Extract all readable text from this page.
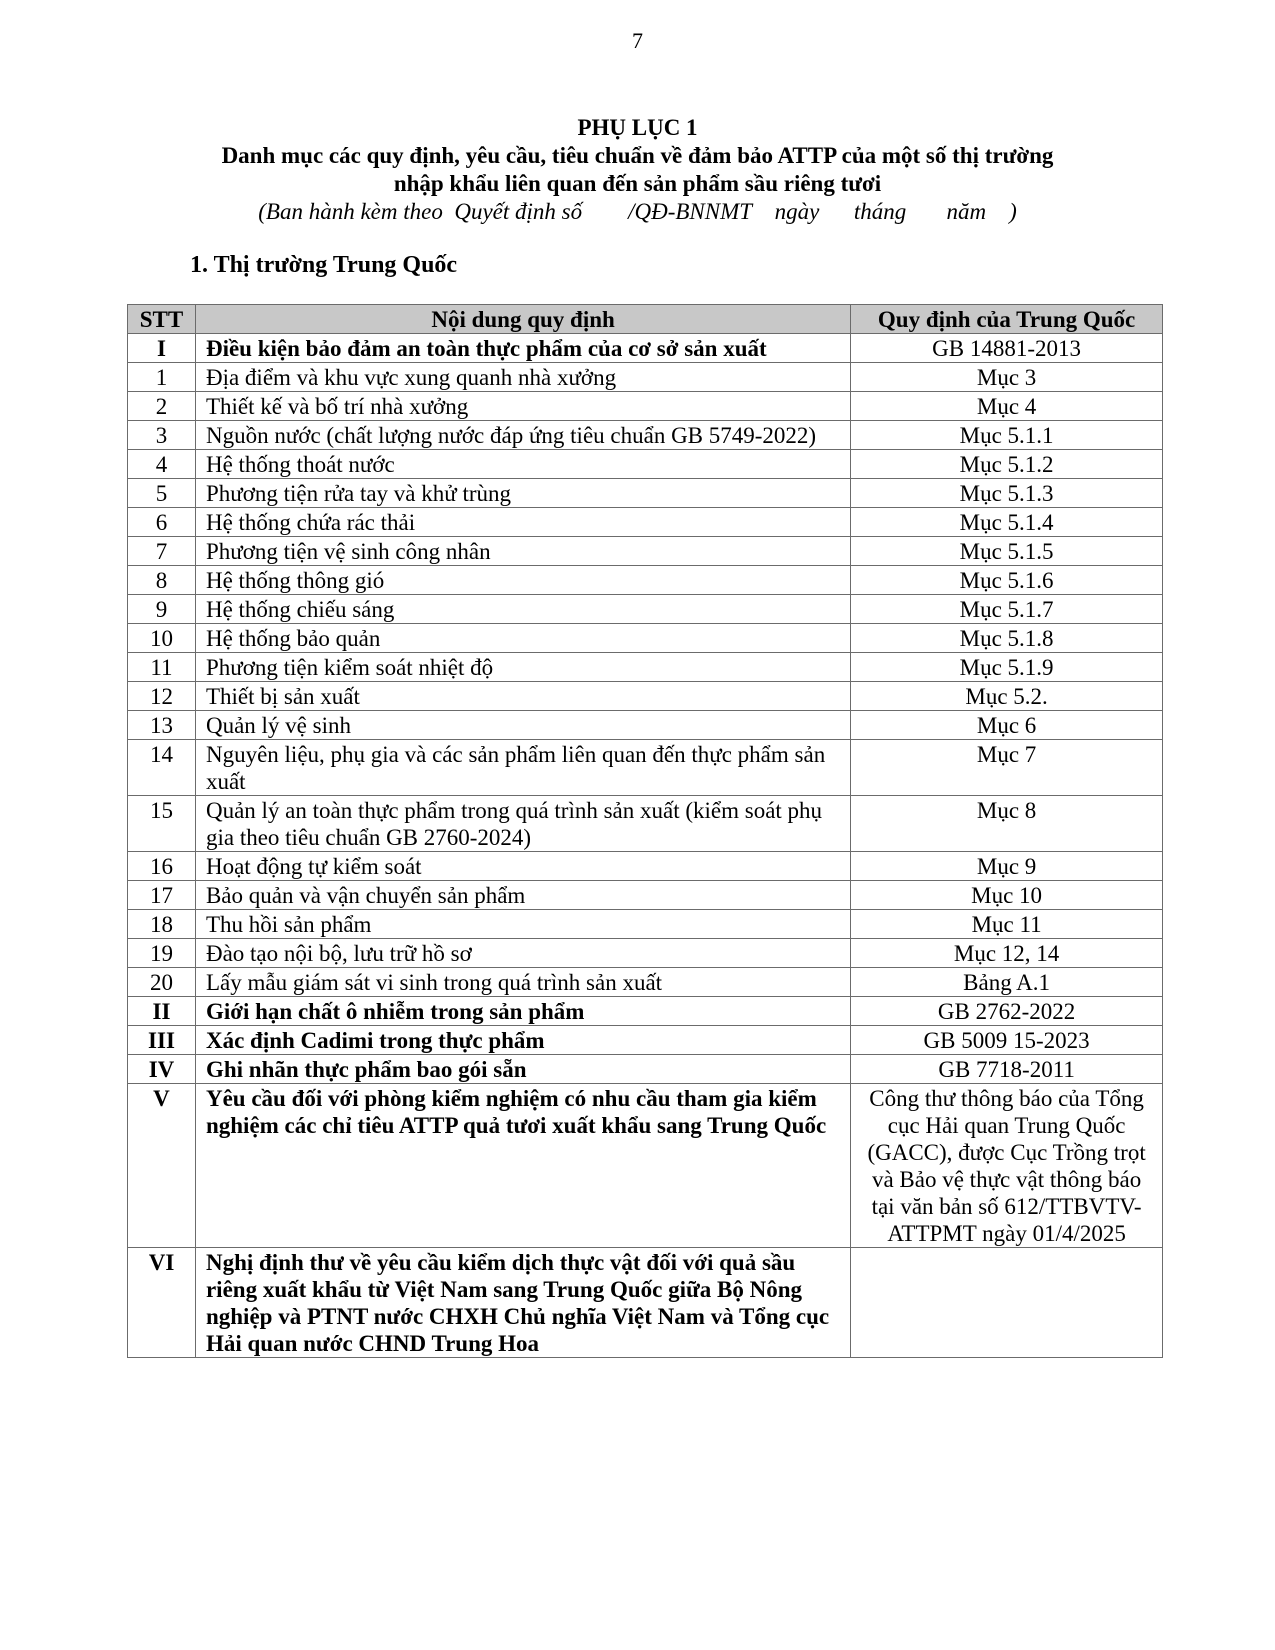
7
PHỤ LỤC 1
Danh mục các quy định, yêu cầu, tiêu chuẩn về đảm bảo ATTP của một số thị trường
nhập khẩu liên quan đến sản phẩm sầu riêng tươi
(Ban hành kèm theo  Quyết định số        /QĐ-BNNMT    ngày      tháng       năm    )
1. Thị trường Trung Quốc
STT	Nội dung quy định	Quy định của Trung Quốc
I	Điều kiện bảo đảm an toàn thực phẩm của cơ sở sản xuất	GB 14881-2013
1	Địa điểm và khu vực xung quanh nhà xưởng	Mục 3
2	Thiết kế và bố trí nhà xưởng	Mục 4
3	Nguồn nước (chất lượng nước đáp ứng tiêu chuẩn GB 5749-2022)	Mục 5.1.1
4	Hệ thống thoát nước	Mục 5.1.2
5	Phương tiện rửa tay và khử trùng	Mục 5.1.3
6	Hệ thống chứa rác thải	Mục 5.1.4
7	Phương tiện vệ sinh công nhân	Mục 5.1.5
8	Hệ thống thông gió	Mục 5.1.6
9	Hệ thống chiếu sáng	Mục 5.1.7
10	Hệ thống bảo quản	Mục 5.1.8
11	Phương tiện kiểm soát nhiệt độ	Mục 5.1.9
12	Thiết bị sản xuất	Mục 5.2.
13	Quản lý vệ sinh	Mục 6
14	Nguyên liệu, phụ gia và các sản phẩm liên quan đến thực phẩm sản xuất	Mục 7
15	Quản lý an toàn thực phẩm trong quá trình sản xuất (kiểm soát phụ gia theo tiêu chuẩn GB 2760-2024)	Mục 8
16	Hoạt động tự kiểm soát	Mục 9
17	Bảo quản và vận chuyển sản phẩm	Mục 10
18	Thu hồi sản phẩm	Mục 11
19	Đào tạo nội bộ, lưu trữ hồ sơ	Mục 12, 14
20	Lấy mẫu giám sát vi sinh trong quá trình sản xuất	Bảng A.1
II	Giới hạn chất ô nhiễm trong sản phẩm	GB 2762-2022
III	Xác định Cadimi trong thực phẩm	GB 5009 15-2023
IV	Ghi nhãn thực phẩm bao gói sẵn	GB 7718-2011
V	Yêu cầu đối với phòng kiểm nghiệm có nhu cầu tham gia kiểm nghiệm các chỉ tiêu ATTP quả tươi xuất khẩu sang Trung Quốc	Công thư thông báo của Tổng cục Hải quan Trung Quốc (GACC), được Cục Trồng trọt và Bảo vệ thực vật thông báo tại văn bản số 612/TTBVTV-ATTPMT ngày 01/4/2025
VI	Nghị định thư về yêu cầu kiểm dịch thực vật đối với quả sầu riêng xuất khẩu từ Việt Nam sang Trung Quốc giữa Bộ Nông nghiệp và PTNT nước CHXH Chủ nghĩa Việt Nam và Tổng cục Hải quan nước CHND Trung Hoa	
